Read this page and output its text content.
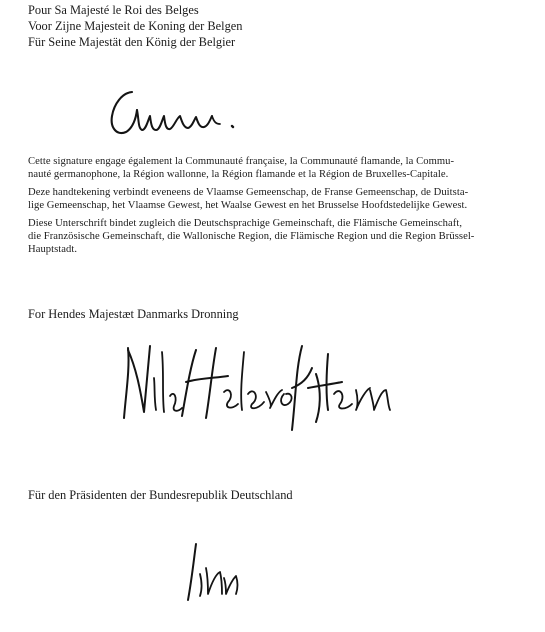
Pour Sa Majesté le Roi des Belges
Voor Zijne Majesteit de Koning der Belgen
Für Seine Majestät den König der Belgier
Cette signature engage également la Communauté française, la Communauté flamande, la Commu-
nauté germanophone, la Région wallonne, la Région flamande et la Région de Bruxelles-Capitale.
Deze handtekening verbindt eveneens de Vlaamse Gemeenschap, de Franse Gemeenschap, de Duitsta-
lige Gemeenschap, het Vlaamse Gewest, het Waalse Gewest en het Brusselse Hoofdstedelijke Gewest.
Diese Unterschrift bindet zugleich die Deutschsprachige Gemeinschaft, die Flämische Gemeinschaft,
die Französische Gemeinschaft, die Wallonische Region, die Flämische Region und die Region Brüssel-
Hauptstadt.
For Hendes Majestæt Danmarks Dronning
Für den Präsidenten der Bundesrepublik Deutschland
